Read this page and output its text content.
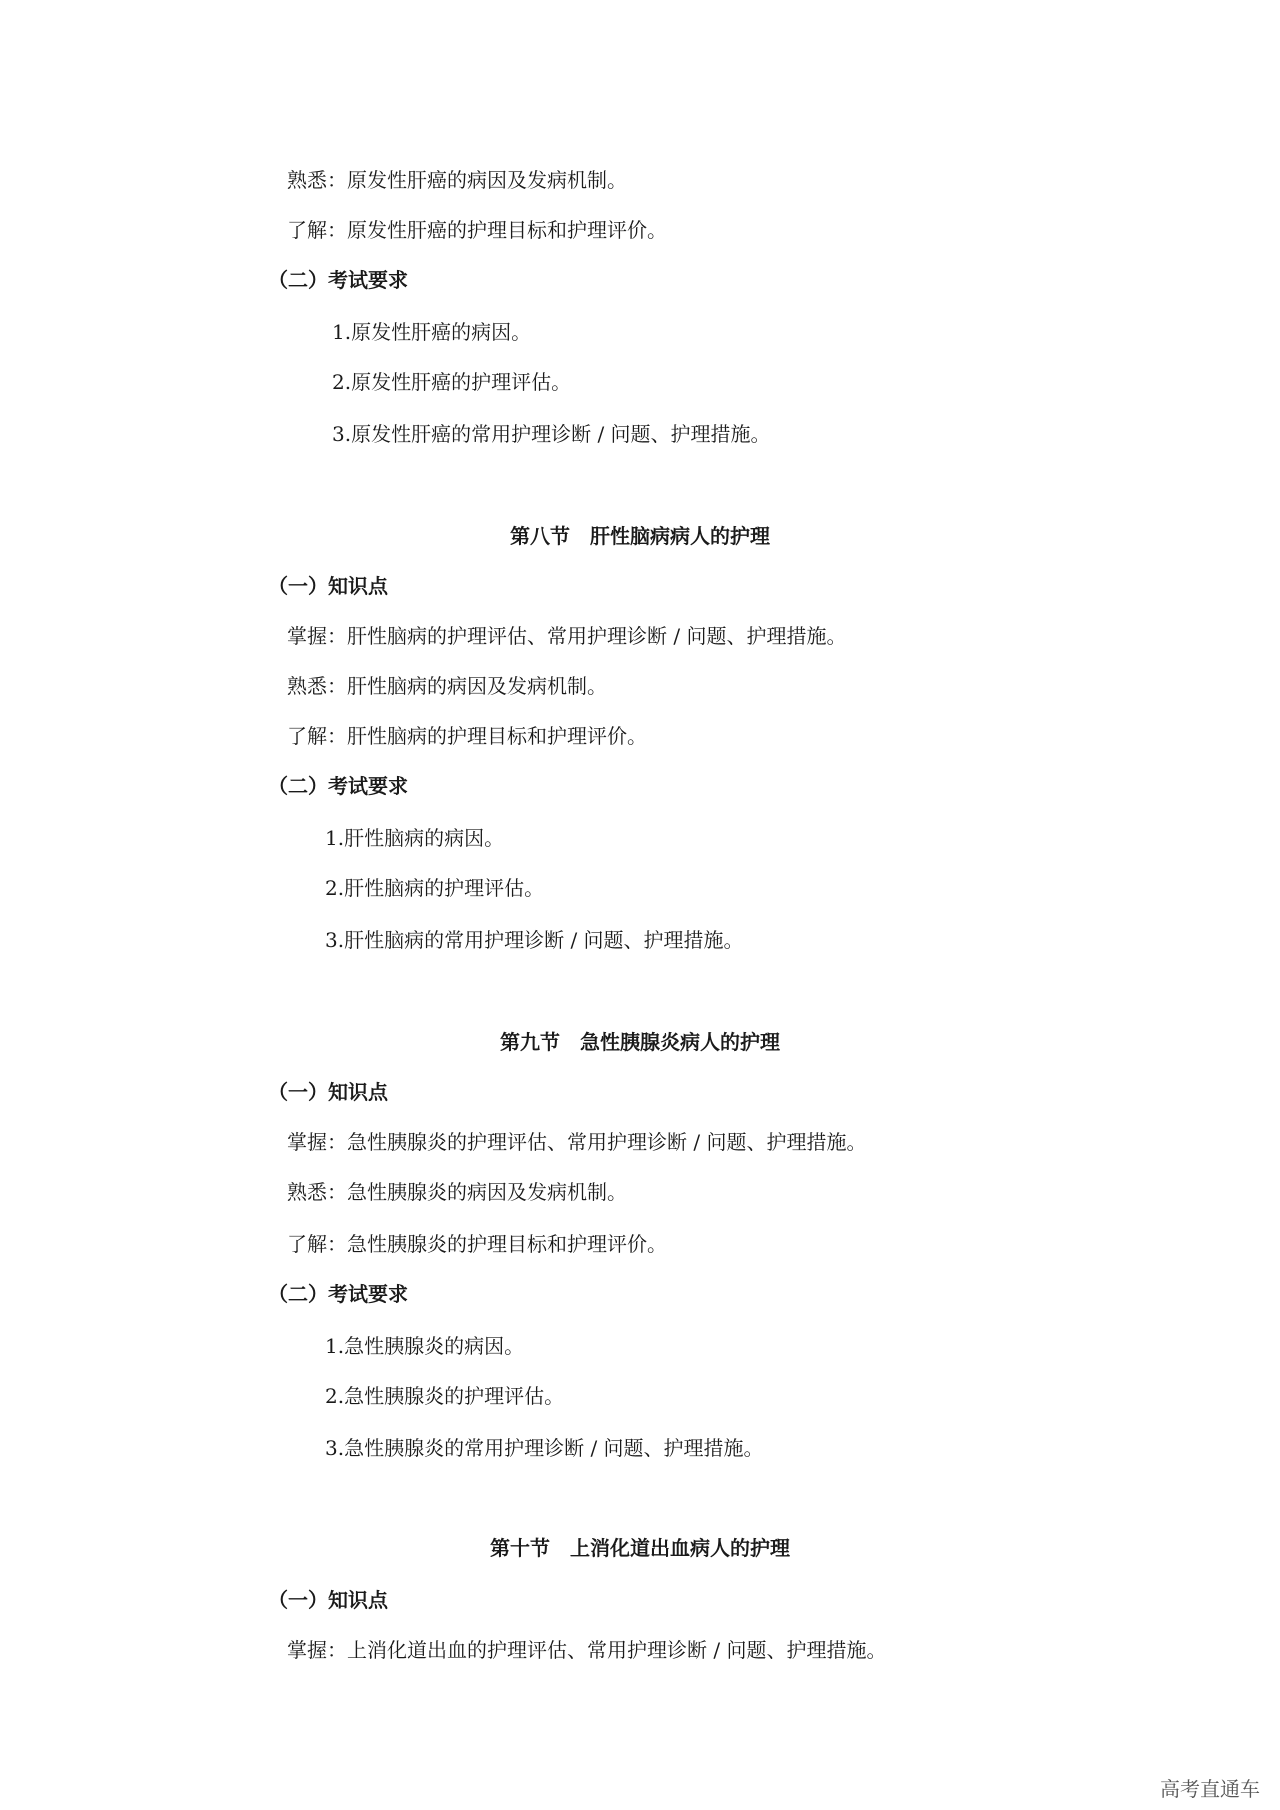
熟悉：原发性肝癌的病因及发病机制。
了解：原发性肝癌的护理目标和护理评价。
（二）考试要求
1.原发性肝癌的病因。
2.原发性肝癌的护理评估。
3.原发性肝癌的常用护理诊断 / 问题、护理措施。
第八节　肝性脑病病人的护理
（一）知识点
掌握：肝性脑病的护理评估、常用护理诊断 / 问题、护理措施。
熟悉：肝性脑病的病因及发病机制。
了解：肝性脑病的护理目标和护理评价。
（二）考试要求
1.肝性脑病的病因。
2.肝性脑病的护理评估。
3.肝性脑病的常用护理诊断 / 问题、护理措施。
第九节　急性胰腺炎病人的护理
（一）知识点
掌握：急性胰腺炎的护理评估、常用护理诊断 / 问题、护理措施。
熟悉：急性胰腺炎的病因及发病机制。
了解：急性胰腺炎的护理目标和护理评价。
（二）考试要求
1.急性胰腺炎的病因。
2.急性胰腺炎的护理评估。
3.急性胰腺炎的常用护理诊断 / 问题、护理措施。
第十节　上消化道出血病人的护理
（一）知识点
掌握：上消化道出血的护理评估、常用护理诊断 / 问题、护理措施。
高考直通车
